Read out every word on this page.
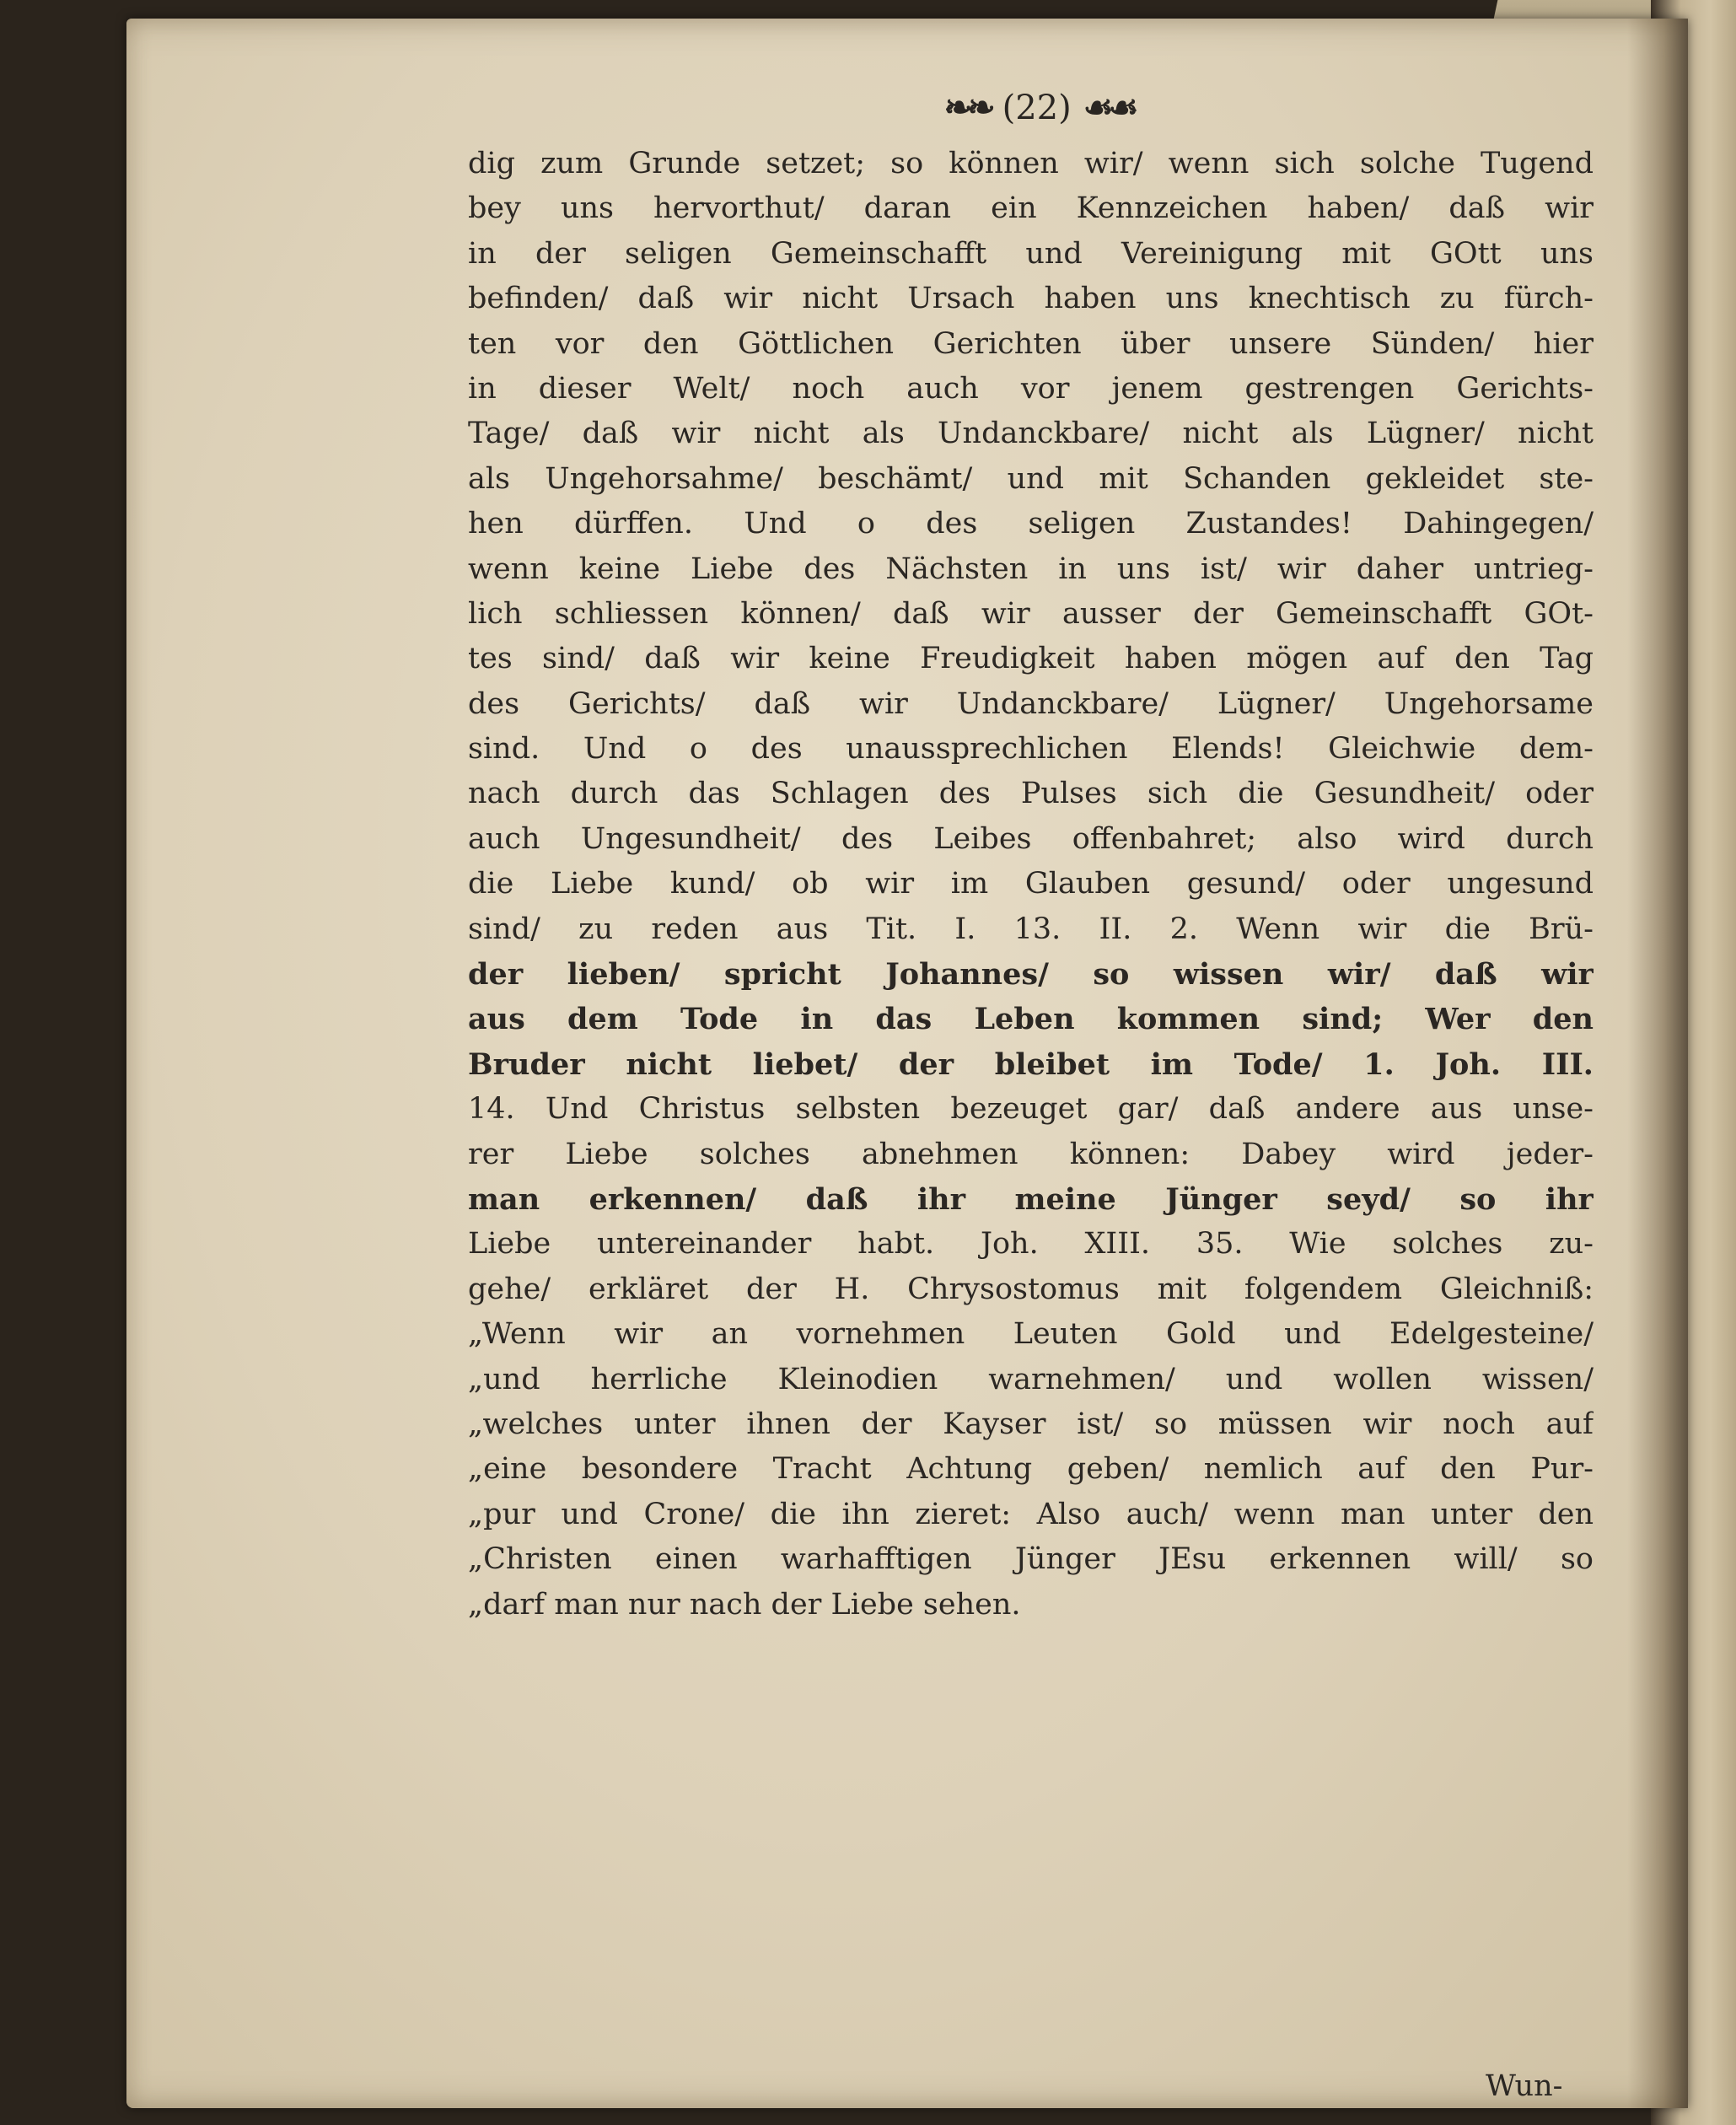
❧❧ (22) ☙☙
dig zum Grunde setzet; so können wir/ wenn sich solche Tugend
bey uns hervorthut/ daran ein Kennzeichen haben/ daß wir
in der seligen Gemeinschafft und Vereinigung mit GOtt uns
befinden/ daß wir nicht Ursach haben uns knechtisch zu fürch-
ten vor den Göttlichen Gerichten über unsere Sünden/ hier
in dieser Welt/ noch auch vor jenem gestrengen Gerichts-
Tage/ daß wir nicht als Undanckbare/ nicht als Lügner/ nicht
als Ungehorsahme/ beschämt/ und mit Schanden gekleidet ste-
hen dürffen. Und o des seligen Zustandes! Dahingegen/
wenn keine Liebe des Nächsten in uns ist/ wir daher untrieg-
lich schliessen können/ daß wir ausser der Gemeinschafft GOt-
tes sind/ daß wir keine Freudigkeit haben mögen auf den Tag
des Gerichts/ daß wir Undanckbare/ Lügner/ Ungehorsame
sind. Und o des unaussprechlichen Elends! Gleichwie dem-
nach durch das Schlagen des Pulses sich die Gesundheit/ oder
auch Ungesundheit/ des Leibes offenbahret; also wird durch
die Liebe kund/ ob wir im Glauben gesund/ oder ungesund
sind/ zu reden aus Tit. I. 13. II. 2. Wenn wir die Brü-
der lieben/ spricht Johannes/ so wissen wir/ daß wir
aus dem Tode in das Leben kommen sind; Wer den
Bruder nicht liebet/ der bleibet im Tode/ 1. Joh. III.
14. Und Christus selbsten bezeuget gar/ daß andere aus unse-
rer Liebe solches abnehmen können: Dabey wird jeder-
man erkennen/ daß ihr meine Jünger seyd/ so ihr
Liebe untereinander habt. Joh. XIII. 35. Wie solches zu-
gehe/ erkläret der H. Chrysostomus mit folgendem Gleichniß:
„Wenn wir an vornehmen Leuten Gold und Edelgesteine/
„und herrliche Kleinodien warnehmen/ und wollen wissen/
„welches unter ihnen der Kayser ist/ so müssen wir noch auf
„eine besondere Tracht Achtung geben/ nemlich auf den Pur-
„pur und Crone/ die ihn zieret: Also auch/ wenn man unter den
„Christen einen warhafftigen Jünger JEsu erkennen will/ so
„darf man nur nach der Liebe sehen.
Wun-
